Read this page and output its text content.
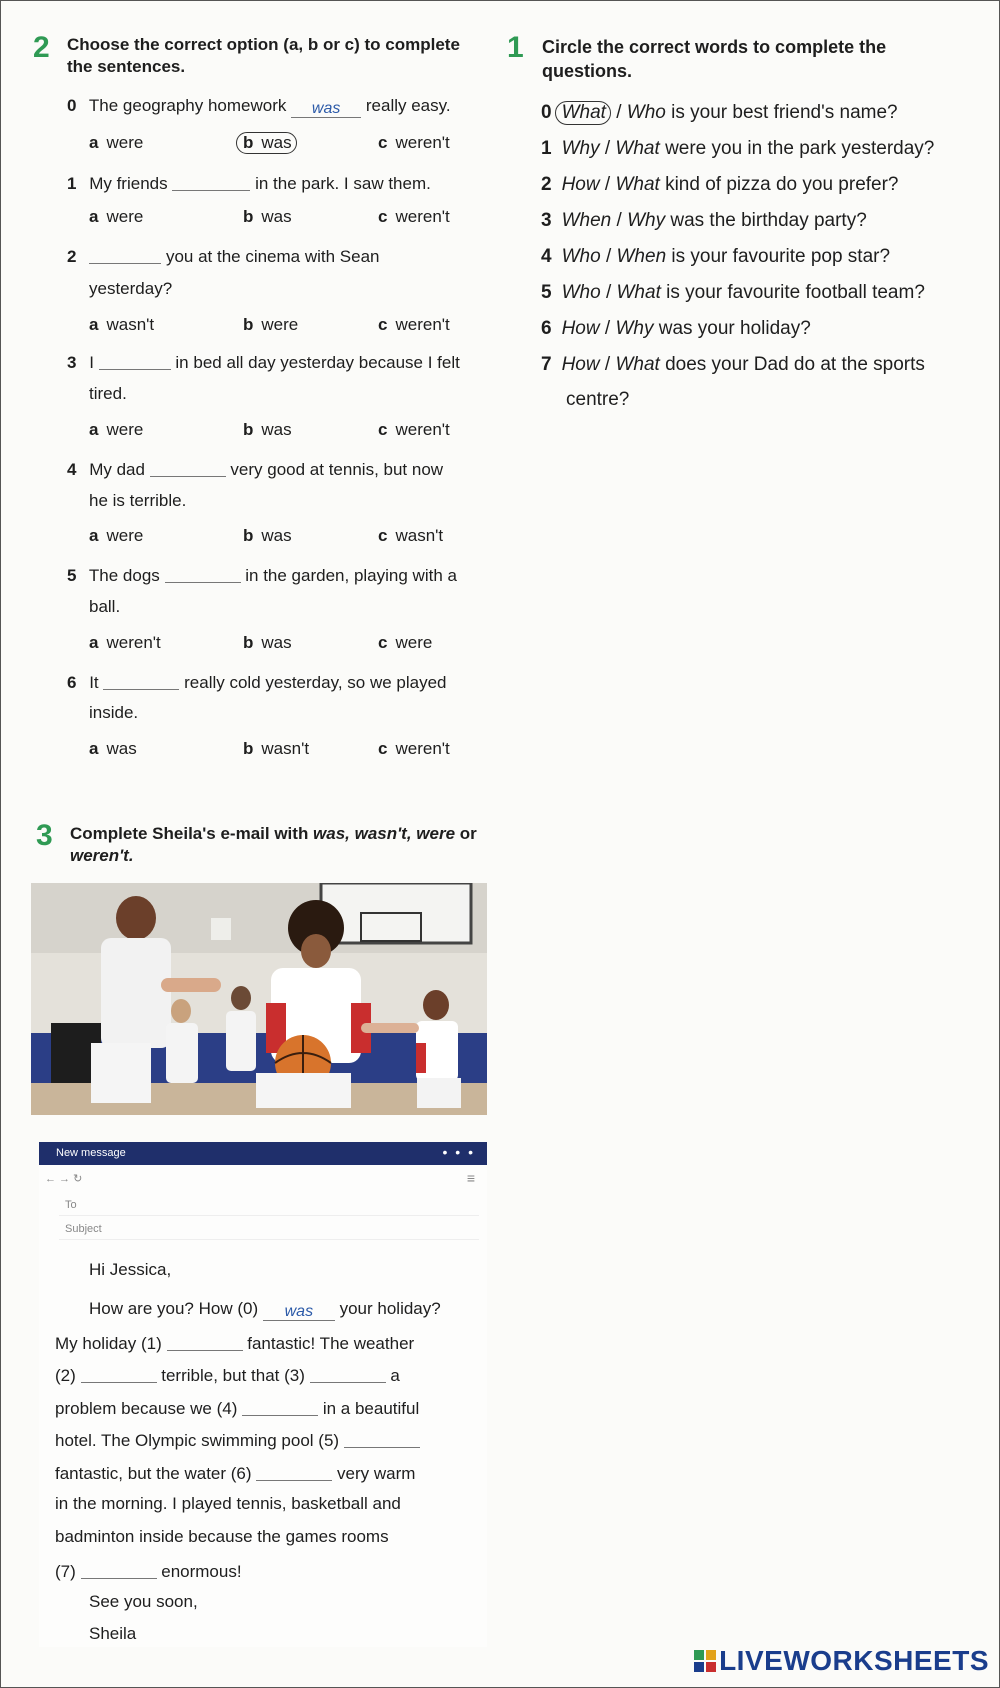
2 Choose the correct option (a, b or c) to complete
the sentences.
0 The geography homework was really easy.
a were	b was	c weren't
1 My friends	in the park. I saw them.
a were	b was	c weren't
2	you at the cinema with Sean
yesterday?
a wasn't	b were	c weren't
3 I	in bed all day yesterday because I felt
tired.
a were	b was	c weren't
4 My dad	very good at tennis, but now
he is terrible.
a were	b was	c wasn't
5 The dogs	in the garden, playing with a
ball.
a weren't	b was	c were
6 It	really cold yesterday, so we played
inside.
a was	b wasn't	c weren't
1 Circle the correct words to complete the
questions.
0 What / Who is your best friend's name?
1 Why / What were you in the park yesterday?
2 How / What kind of pizza do you prefer?
3 When / Why was the birthday party?
4 Who / When is your favourite pop star?
5 Who / What is your favourite football team?
6 How / Why was your holiday?
7 How / What does your Dad do at the sports
centre?
3 Complete Sheila's e-mail with was, wasn't, were or
weren't.
New message	• • •
← → ↻	≡
To
Subject
Hi Jessica,
How are you? How (0) was your holiday?
My holiday (1)	fantastic! The weather
(2)	terrible, but that (3)	a
problem because we (4)	in a beautiful
hotel. The Olympic swimming pool (5)
fantastic, but the water (6)	very warm
in the morning. I played tennis, basketball and
badminton inside because the games rooms
(7)	enormous!
See you soon,
Sheila
LIVEWORKSHEETS
